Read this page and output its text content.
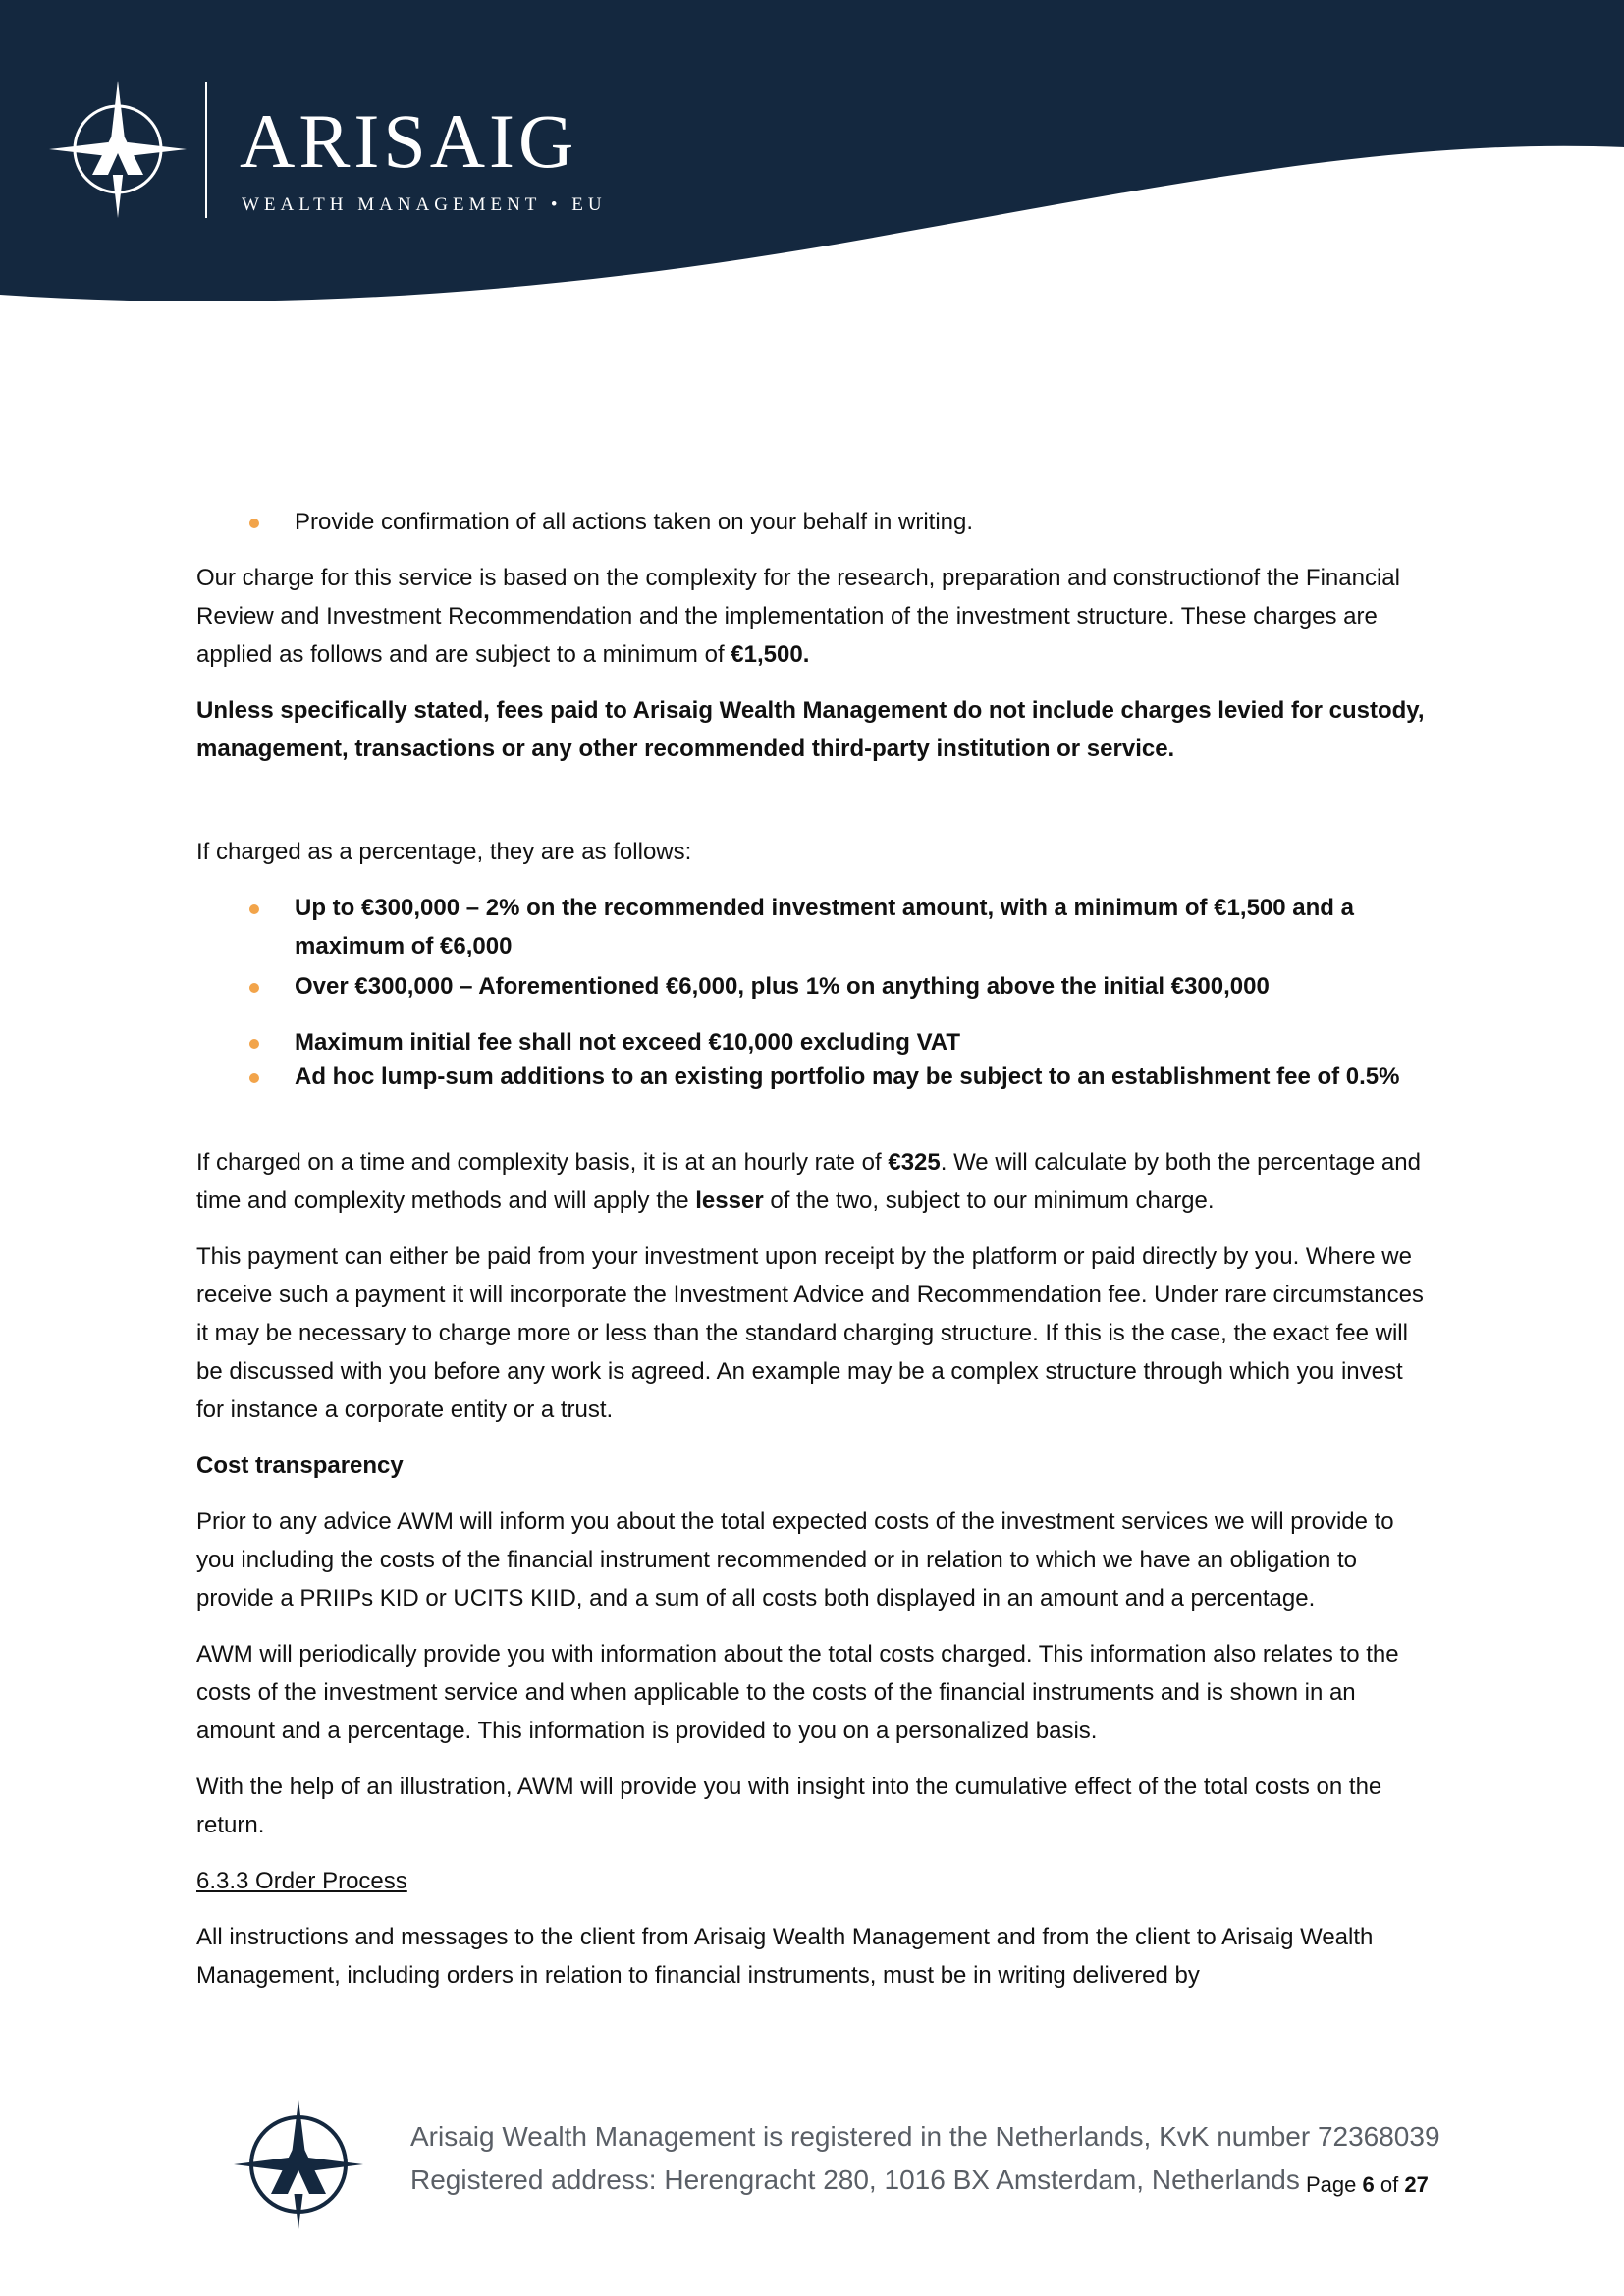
ARISAIG
WEALTH MANAGEMENT • EU
Provide confirmation of all actions taken on your behalf in writing.

Our charge for this service is based on the complexity for the research, preparation and constructionof the Financial Review and Investment Recommendation and the implementation of the investment structure. These charges are applied as follows and are subject to a minimum of €1,500.

Unless specifically stated, fees paid to Arisaig Wealth Management do not include charges levied for custody, management, transactions or any other recommended third-party institution or service.

If charged as a percentage, they are as follows:

Up to €300,000 – 2% on the recommended investment amount, with a minimum of €1,500 and a maximum of €6,000
Over €300,000 – Aforementioned €6,000, plus 1% on anything above the initial €300,000
Maximum initial fee shall not exceed €10,000 excluding VAT
Ad hoc lump-sum additions to an existing portfolio may be subject to an establishment fee of 0.5%

If charged on a time and complexity basis, it is at an hourly rate of €325. We will calculate by both the percentage and time and complexity methods and will apply the lesser of the two, subject to our minimum charge.

This payment can either be paid from your investment upon receipt by the platform or paid directly by you. Where we receive such a payment it will incorporate the Investment Advice and Recommendation fee. Under rare circumstances it may be necessary to charge more or less than the standard charging structure. If this is the case, the exact fee will be discussed with you before any work is agreed. An example may be a complex structure through which you invest for instance a corporate entity or a trust.

Cost transparency

Prior to any advice AWM will inform you about the total expected costs of the investment services we will provide to you including the costs of the financial instrument recommended or in relation to which we have an obligation to provide a PRIIPs KID or UCITS KIID, and a sum of all costs both displayed in an amount and a percentage.

AWM will periodically provide you with information about the total costs charged. This information also relates to the costs of the investment service and when applicable to the costs of the financial instruments and is shown in an amount and a percentage. This information is provided to you on a personalized basis.

With the help of an illustration, AWM will provide you with insight into the cumulative effect of the total costs on the return.

6.3.3 Order Process

All instructions and messages to the client from Arisaig Wealth Management and from the client to Arisaig Wealth Management, including orders in relation to financial instruments, must be in writing delivered by

Arisaig Wealth Management is registered in the Netherlands, KvK number 72368039
Registered address: Herengracht 280, 1016 BX Amsterdam, Netherlands Page 6 of 27
